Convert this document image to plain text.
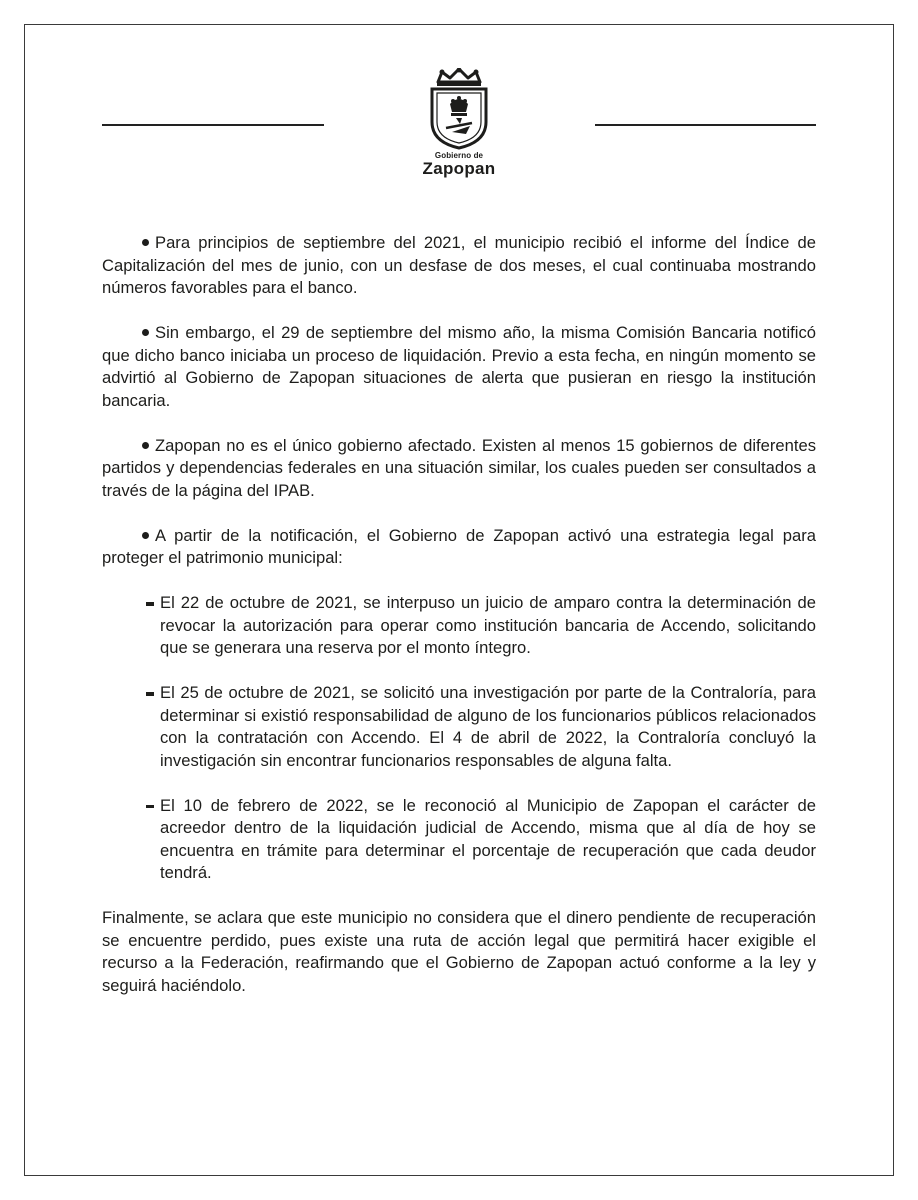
Gobierno de
Zapopan

Para principios de septiembre del 2021, el municipio recibió el informe del Índice de Capitalización del mes de junio, con un desfase de dos meses, el cual continuaba mostrando números favorables para el banco.

Sin embargo, el 29 de septiembre del mismo año, la misma Comisión Bancaria notificó que dicho banco iniciaba un proceso de liquidación. Previo a esta fecha, en ningún momento se advirtió al Gobierno de Zapopan situaciones de alerta que pusieran en riesgo la institución bancaria.

Zapopan no es el único gobierno afectado. Existen al menos 15 gobiernos de diferentes partidos y dependencias federales en una situación similar, los cuales pueden ser consultados a través de la página del IPAB.

A partir de la notificación, el Gobierno de Zapopan activó una estrategia legal para proteger el patrimonio municipal:

El 22 de octubre de 2021, se interpuso un juicio de amparo contra la determinación de revocar la autorización para operar como institución bancaria de Accendo, solicitando que se generara una reserva por el monto íntegro.

El 25 de octubre de 2021, se solicitó una investigación por parte de la Contraloría, para determinar si existió responsabilidad de alguno de los funcionarios públicos relacionados con la contratación con Accendo. El 4 de abril de 2022, la Contraloría concluyó la investigación sin encontrar funcionarios responsables de alguna falta.

El 10 de febrero de 2022, se le reconoció al Municipio de Zapopan el carácter de acreedor dentro de la liquidación judicial de Accendo, misma que al día de hoy se encuentra en trámite para determinar el porcentaje de recuperación que cada deudor tendrá.

Finalmente, se aclara que este municipio no considera que el dinero pendiente de recuperación se encuentre perdido, pues existe una ruta de acción legal que permitirá hacer exigible el recurso a la Federación, reafirmando que el Gobierno de Zapopan actuó conforme a la ley y seguirá haciéndolo.
